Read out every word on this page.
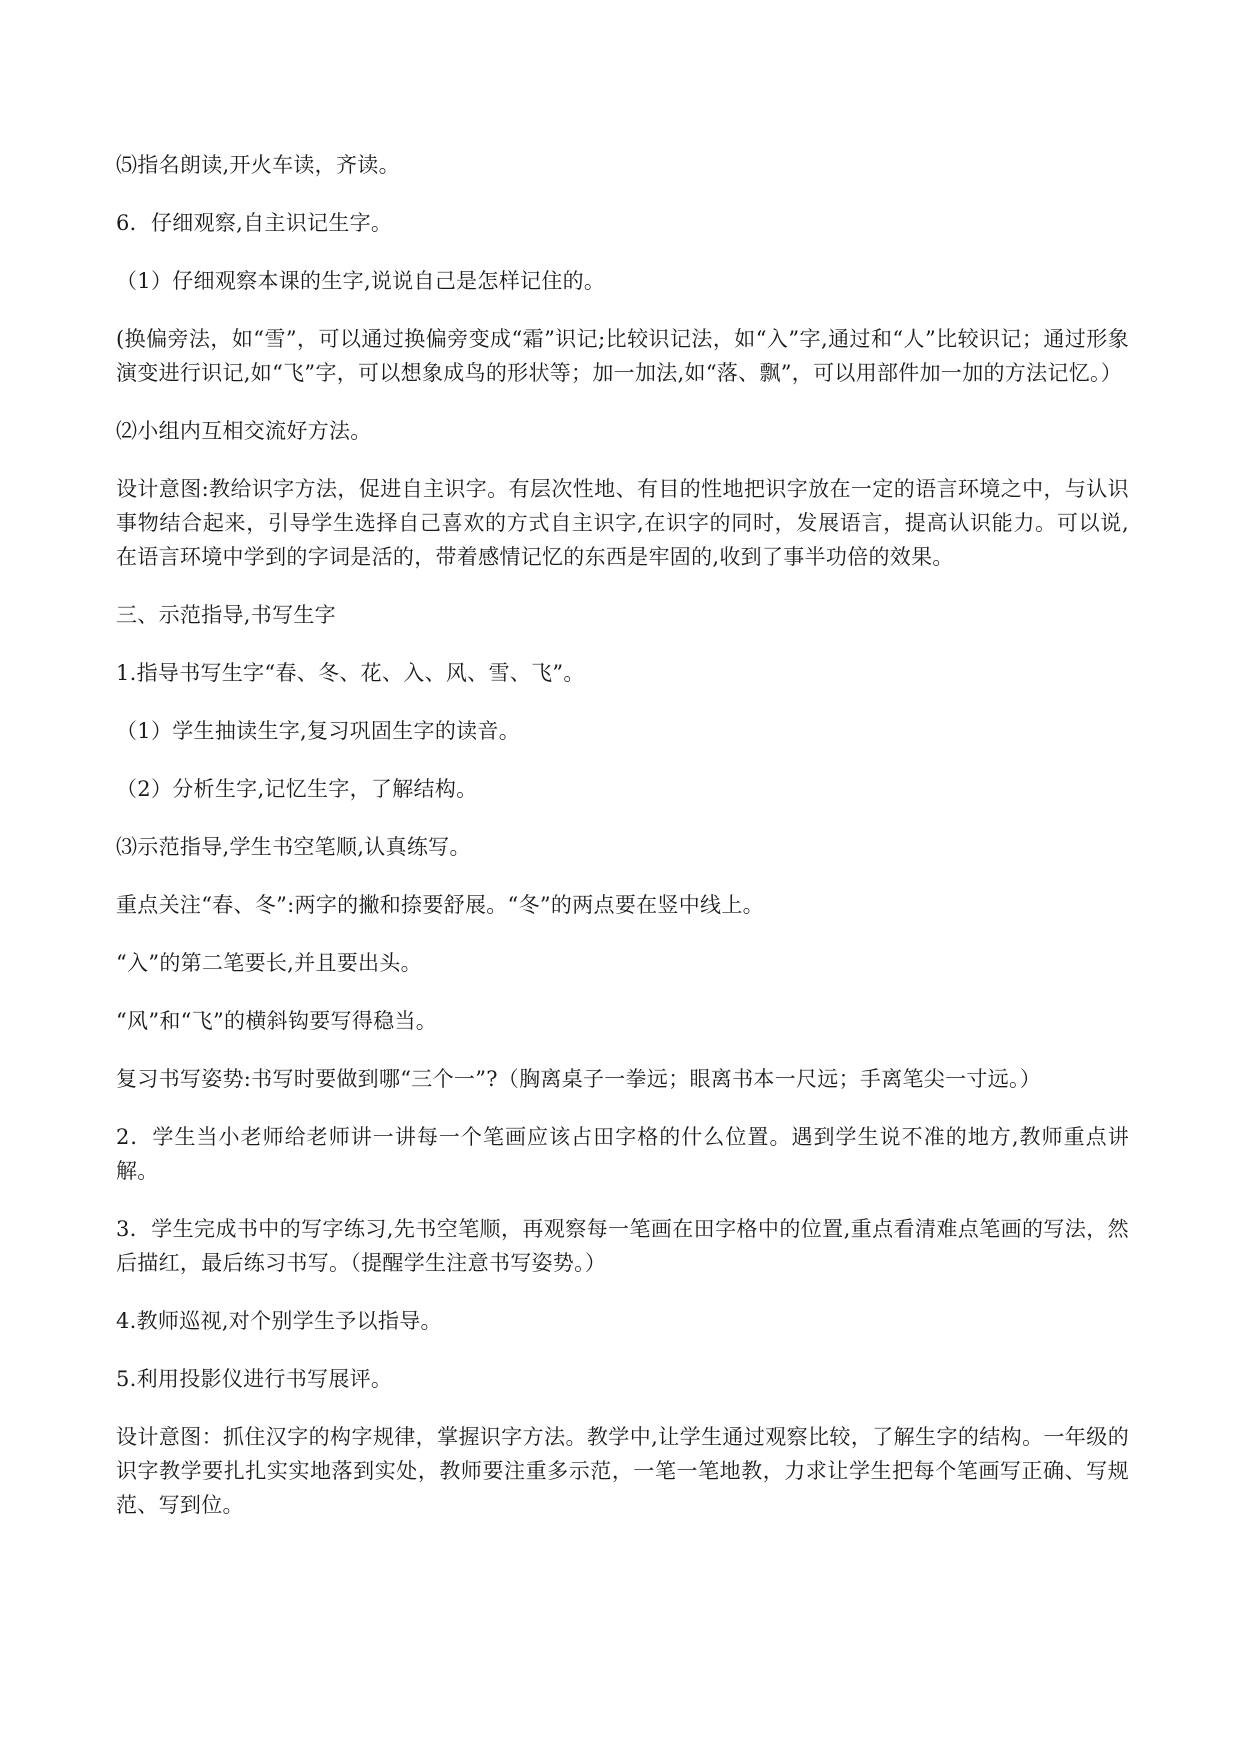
⑸指名朗读,开火车读，齐读。

6．仔细观察,自主识记生字。

（1）仔细观察本课的生字,说说自己是怎样记住的。

(换偏旁法，如“雪”，可以通过换偏旁变成“霜”识记;比较识记法，如“入”字,通过和“人”比较识记；通过形象演变进行识记,如“飞”字，可以想象成鸟的形状等；加一加法,如“落、飘”，可以用部件加一加的方法记忆。）

⑵小组内互相交流好方法。

设计意图:教给识字方法，促进自主识字。有层次性地、有目的性地把识字放在一定的语言环境之中，与认识事物结合起来，引导学生选择自己喜欢的方式自主识字,在识字的同时，发展语言，提高认识能力。可以说,在语言环境中学到的字词是活的，带着感情记忆的东西是牢固的,收到了事半功倍的效果。

三、示范指导,书写生字

1.指导书写生字“春、冬、花、入、风、雪、飞”。

（1）学生抽读生字,复习巩固生字的读音。

（2）分析生字,记忆生字，了解结构。

⑶示范指导,学生书空笔顺,认真练写。

重点关注“春、冬”:两字的撇和捺要舒展。“冬”的两点要在竖中线上。

“入”的第二笔要长,并且要出头。

“风”和“飞”的横斜钩要写得稳当。

复习书写姿势:书写时要做到哪“三个一”?（胸离桌子一拳远；眼离书本一尺远；手离笔尖一寸远。）

2．学生当小老师给老师讲一讲每一个笔画应该占田字格的什么位置。遇到学生说不准的地方,教师重点讲解。

3．学生完成书中的写字练习,先书空笔顺，再观察每一笔画在田字格中的位置,重点看清难点笔画的写法，然后描红，最后练习书写。（提醒学生注意书写姿势。）

4.教师巡视,对个别学生予以指导。

5.利用投影仪进行书写展评。

设计意图：抓住汉字的构字规律，掌握识字方法。教学中,让学生通过观察比较，了解生字的结构。一年级的识字教学要扎扎实实地落到实处，教师要注重多示范，一笔一笔地教，力求让学生把每个笔画写正确、写规范、写到位。
